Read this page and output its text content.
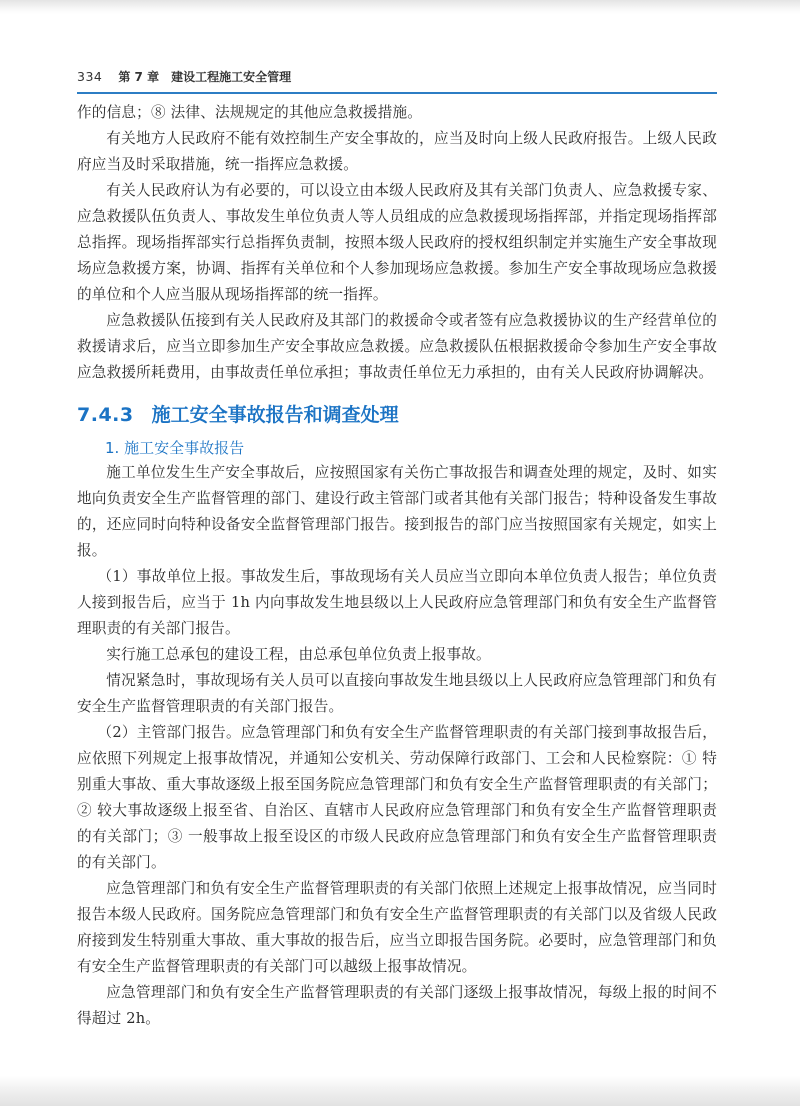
334 第 7 章 建设工程施工安全管理

作的信息；⑧ 法律、法规规定的其他应急救援措施。

有关地方人民政府不能有效控制生产安全事故的，应当及时向上级人民政府报告。上级人民政府应当及时采取措施，统一指挥应急救援。

有关人民政府认为有必要的，可以设立由本级人民政府及其有关部门负责人、应急救援专家、应急救援队伍负责人、事故发生单位负责人等人员组成的应急救援现场指挥部，并指定现场指挥部总指挥。现场指挥部实行总指挥负责制，按照本级人民政府的授权组织制定并实施生产安全事故现场应急救援方案，协调、指挥有关单位和个人参加现场应急救援。参加生产安全事故现场应急救援的单位和个人应当服从现场指挥部的统一指挥。

应急救援队伍接到有关人民政府及其部门的救援命令或者签有应急救援协议的生产经营单位的救援请求后，应当立即参加生产安全事故应急救援。应急救援队伍根据救援命令参加生产安全事故应急救援所耗费用，由事故责任单位承担；事故责任单位无力承担的，由有关人民政府协调解决。

7.4.3 施工安全事故报告和调查处理
1. 施工安全事故报告

施工单位发生生产安全事故后，应按照国家有关伤亡事故报告和调查处理的规定，及时、如实地向负责安全生产监督管理的部门、建设行政主管部门或者其他有关部门报告；特种设备发生事故的，还应同时向特种设备安全监督管理部门报告。接到报告的部门应当按照国家有关规定，如实上报。

（1）事故单位上报。事故发生后，事故现场有关人员应当立即向本单位负责人报告；单位负责人接到报告后，应当于 1h 内向事故发生地县级以上人民政府应急管理部门和负有安全生产监督管理职责的有关部门报告。

实行施工总承包的建设工程，由总承包单位负责上报事故。

情况紧急时，事故现场有关人员可以直接向事故发生地县级以上人民政府应急管理部门和负有安全生产监督管理职责的有关部门报告。

（2）主管部门报告。应急管理部门和负有安全生产监督管理职责的有关部门接到事故报告后，应依照下列规定上报事故情况，并通知公安机关、劳动保障行政部门、工会和人民检察院：① 特别重大事故、重大事故逐级上报至国务院应急管理部门和负有安全生产监督管理职责的有关部门；② 较大事故逐级上报至省、自治区、直辖市人民政府应急管理部门和负有安全生产监督管理职责的有关部门；③ 一般事故上报至设区的市级人民政府应急管理部门和负有安全生产监督管理职责的有关部门。

应急管理部门和负有安全生产监督管理职责的有关部门依照上述规定上报事故情况，应当同时报告本级人民政府。国务院应急管理部门和负有安全生产监督管理职责的有关部门以及省级人民政府接到发生特别重大事故、重大事故的报告后，应当立即报告国务院。必要时，应急管理部门和负有安全生产监督管理职责的有关部门可以越级上报事故情况。

应急管理部门和负有安全生产监督管理职责的有关部门逐级上报事故情况，每级上报的时间不得超过 2h。
